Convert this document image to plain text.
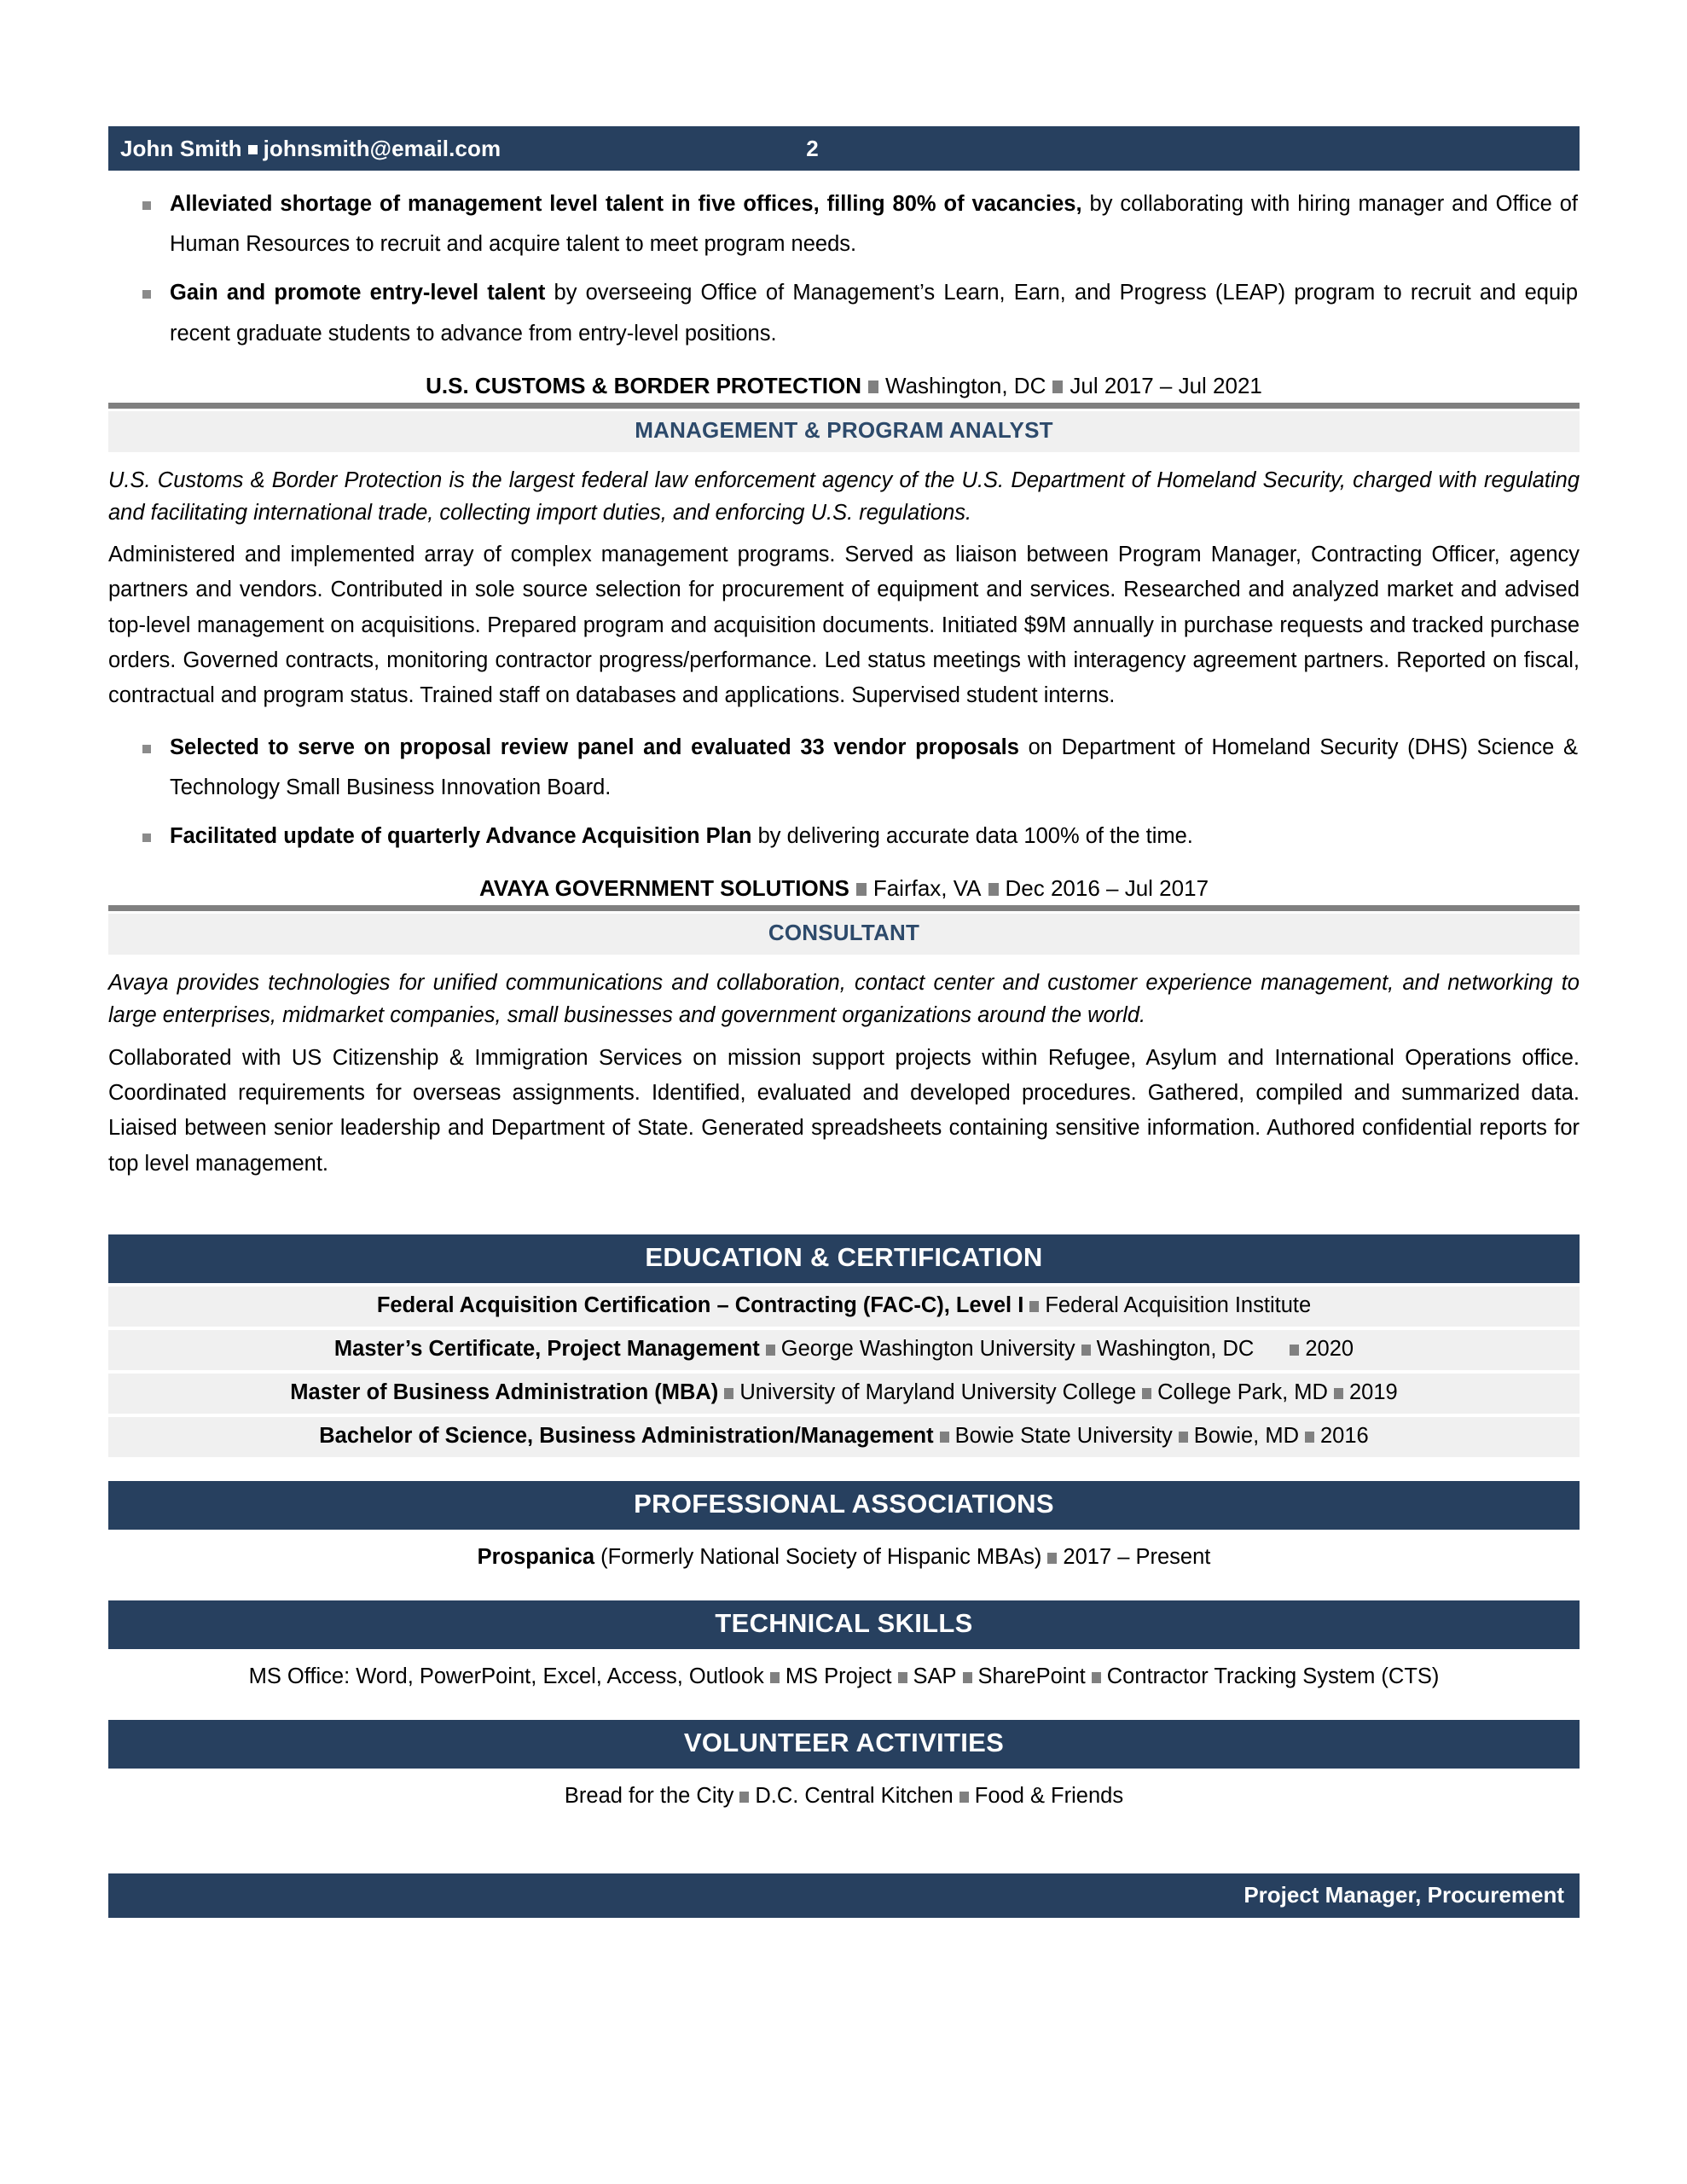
John Smith johnsmith@email.com	2
Alleviated shortage of management level talent in five offices, filling 80% of vacancies, by collaborating with hiring manager and Office of Human Resources to recruit and acquire talent to meet program needs.
Gain and promote entry-level talent by overseeing Office of Management’s Learn, Earn, and Progress (LEAP) program to recruit and equip recent graduate students to advance from entry-level positions.
U.S. CUSTOMS & BORDER PROTECTION Washington, DC Jul 2017 – Jul 2021
MANAGEMENT & PROGRAM ANALYST
U.S. Customs & Border Protection is the largest federal law enforcement agency of the U.S. Department of Homeland Security, charged with regulating and facilitating international trade, collecting import duties, and enforcing U.S. regulations.
Administered and implemented array of complex management programs. Served as liaison between Program Manager, Contracting Officer, agency partners and vendors. Contributed in sole source selection for procurement of equipment and services. Researched and analyzed market and advised top-level management on acquisitions. Prepared program and acquisition documents. Initiated $9M annually in purchase requests and tracked purchase orders. Governed contracts, monitoring contractor progress/performance. Led status meetings with interagency agreement partners. Reported on fiscal, contractual and program status. Trained staff on databases and applications. Supervised student interns.
Selected to serve on proposal review panel and evaluated 33 vendor proposals on Department of Homeland Security (DHS) Science & Technology Small Business Innovation Board.
Facilitated update of quarterly Advance Acquisition Plan by delivering accurate data 100% of the time.
AVAYA GOVERNMENT SOLUTIONS Fairfax, VA Dec 2016 – Jul 2017
CONSULTANT
Avaya provides technologies for unified communications and collaboration, contact center and customer experience management, and networking to large enterprises, midmarket companies, small businesses and government organizations around the world.
Collaborated with US Citizenship & Immigration Services on mission support projects within Refugee, Asylum and International Operations office. Coordinated requirements for overseas assignments. Identified, evaluated and developed procedures. Gathered, compiled and summarized data. Liaised between senior leadership and Department of State. Generated spreadsheets containing sensitive information. Authored confidential reports for top level management.
EDUCATION & CERTIFICATION
Federal Acquisition Certification – Contracting (FAC-C), Level I Federal Acquisition Institute
Master’s Certificate, Project Management George Washington University Washington, DC 2020
Master of Business Administration (MBA) University of Maryland University College College Park, MD 2019
Bachelor of Science, Business Administration/Management Bowie State University Bowie, MD 2016
PROFESSIONAL ASSOCIATIONS
Prospanica (Formerly National Society of Hispanic MBAs) 2017 – Present
TECHNICAL SKILLS
MS Office: Word, PowerPoint, Excel, Access, Outlook MS Project SAP SharePoint Contractor Tracking System (CTS)
VOLUNTEER ACTIVITIES
Bread for the City D.C. Central Kitchen Food & Friends
Project Manager, Procurement
